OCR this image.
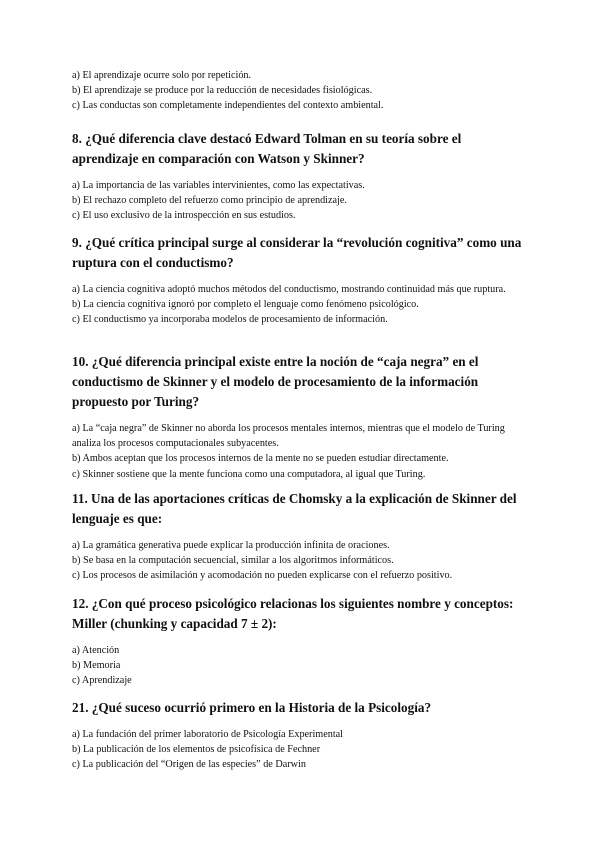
a) El aprendizaje ocurre solo por repetición.

b) El aprendizaje se produce por la reducción de necesidades fisiológicas.

c) Las conductas son completamente independientes del contexto ambiental.

8. ¿Qué diferencia clave destacó Edward Tolman en su teoría sobre el aprendizaje en comparación con Watson y Skinner?

a) La importancia de las variables intervinientes, como las expectativas.

b) El rechazo completo del refuerzo como principio de aprendizaje.

c) El uso exclusivo de la introspección en sus estudios.

9. ¿Qué crítica principal surge al considerar la “revolución cognitiva” como una ruptura con el conductismo?

a) La ciencia cognitiva adoptó muchos métodos del conductismo, mostrando continuidad más que ruptura.

b) La ciencia cognitiva ignoró por completo el lenguaje como fenómeno psicológico.

c) El conductismo ya incorporaba modelos de procesamiento de información.

10. ¿Qué diferencia principal existe entre la noción de “caja negra” en el conductismo de Skinner y el modelo de procesamiento de la información propuesto por Turing?

a) La “caja negra” de Skinner no aborda los procesos mentales internos, mientras que el modelo de Turing analiza los procesos computacionales subyacentes.

b) Ambos aceptan que los procesos internos de la mente no se pueden estudiar directamente.

c) Skinner sostiene que la mente funciona como una computadora, al igual que Turing.

11. Una de las aportaciones críticas de Chomsky a la explicación de Skinner del lenguaje es que:

a) La gramática generativa puede explicar la producción infinita de oraciones.

b) Se basa en la computación secuencial, similar a los algoritmos informáticos.

c) Los procesos de asimilación y acomodación no pueden explicarse con el refuerzo positivo.

12. ¿Con qué proceso psicológico relacionas los siguientes nombre y conceptos: Miller (chunking y capacidad 7 ± 2):

a) Atención

b) Memoria

c) Aprendizaje

21. ¿Qué suceso ocurrió primero en la Historia de la Psicología?

a) La fundación del primer laboratorio de Psicología Experimental

b) La publicación de los elementos de psicofísica de Fechner

c) La publicación del “Origen de las especies” de Darwin
